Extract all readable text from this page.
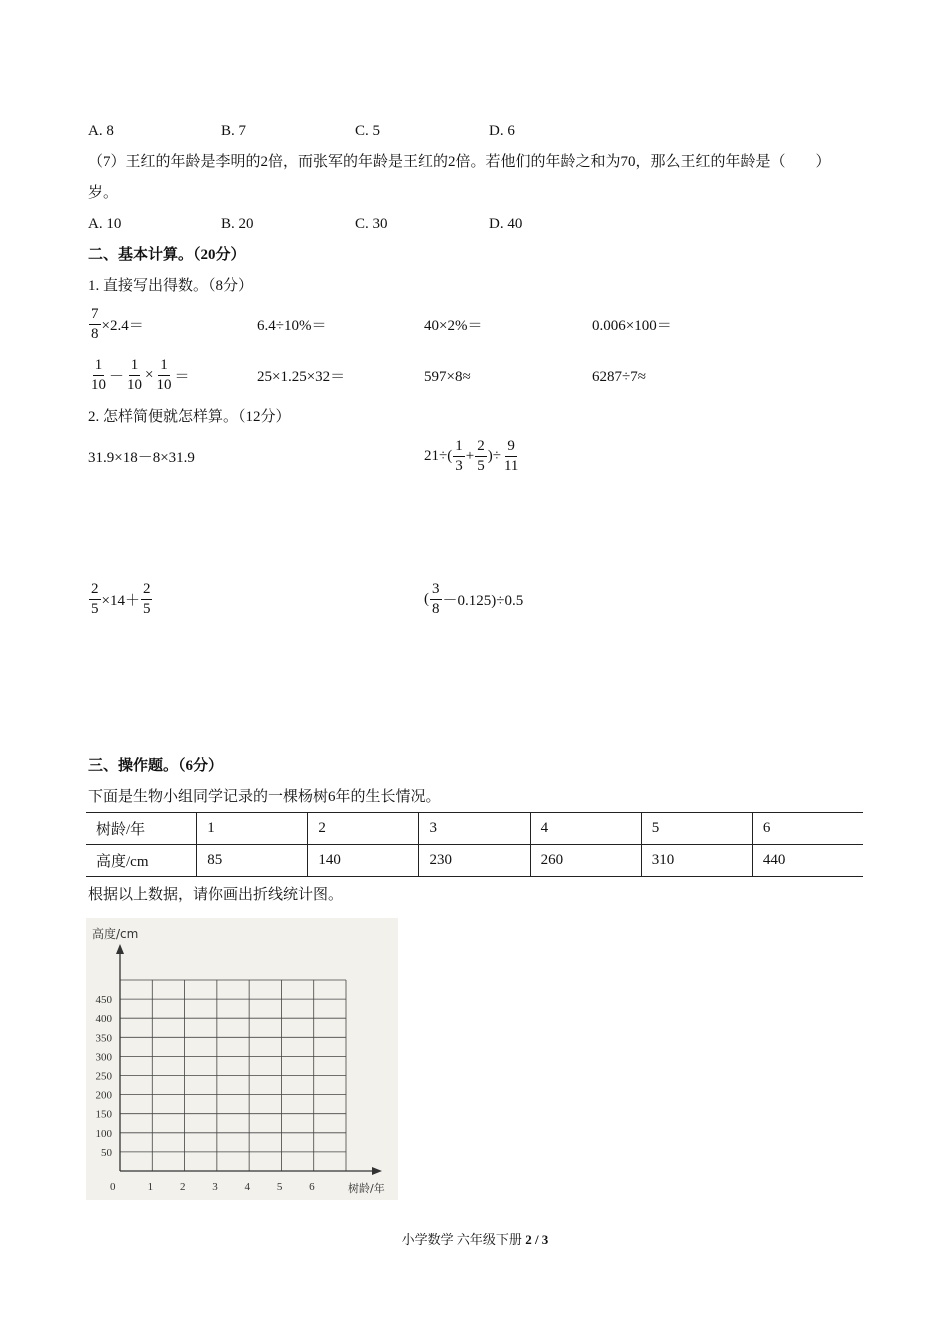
A. 8	B. 7	C. 5	D. 6
（7）王红的年龄是李明的2倍，而张军的年龄是王红的2倍。若他们的年龄之和为70，那么王红的年龄是（　　）
岁。
A. 10	B. 20	C. 30	D. 40
二、基本计算。（20分）
1. 直接写出得数。（8分）
$\frac{7}{8} \times 2.4=$	6.4÷10%＝	40×2%＝	0.006×100＝
$\frac{1}{10} - \frac{1}{10} \times \frac{1}{10}$ ＝	25×1.25×32＝	597×8≈	6287÷7≈
2. 怎样简便就怎样算。（12分）
31.9×18－8×31.9	$21\div( \frac{1}{3} + \frac{2}{5}$ )÷ $\frac{9}{11}$
$\frac{2}{5} \times 14+ \frac{2}{5}$	( $\frac{3}{8} -0.125)\div 0.5$
三、操作题。（6分）
下面是生物小组同学记录的一棵杨树6年的生长情况。
树龄/年	1	2	3	4	5	6
高度/cm	85	140	230	260	310	440
根据以上数据，请你画出折线统计图。
高度/cm
树龄/年
50
100
150
200
250
300
350
400
450
0	1 2 3 4 5 6
小学数学 六年级下册 2 / 3
